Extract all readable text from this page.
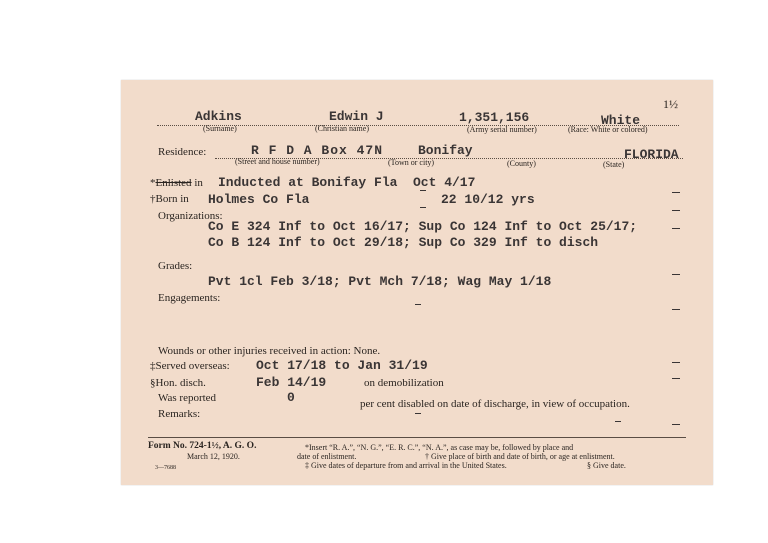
1½
Adkins	Edwin J	1,351,156	White
(Surname)	(Christian name)	(Army serial number)	(Race: White or colored)
Residence:	R F D A Box 47N	Bonifay	FLORIDA
(Street and house number)	(Town or city)	(County)	(State)
*Enlisted in Inducted at Bonifay Fla Oct 4/17
†Born in Holmes Co Fla	22 10/12 yrs
Organizations:
Co E 324 Inf to Oct 16/17; Sup Co 124 Inf to Oct 25/17;
Co B 124 Inf to Oct 29/18; Sup Co 329 Inf to disch
Grades:
Pvt 1cl Feb 3/18; Pvt Mch 7/18; Wag May 1/18
Engagements:
Wounds or other injuries received in action: None.
‡Served overseas: Oct 17/18 to Jan 31/19
§Hon. disch.	Feb 14/19	on demobilization
Was reported	0	per cent disabled on date of discharge, in view of occupation.
Remarks:
Form No. 724-1½, A. G. O.
March 12, 1920.
3—7688
*Insert “R. A.”, “N. G.”, “E. R. C.”, “N. A.”, as case may be, followed by place and
date of enlistment.	† Give place of birth and date of birth, or age at enlistment.
‡ Give dates of departure from and arrival in the United States.	§ Give date.
